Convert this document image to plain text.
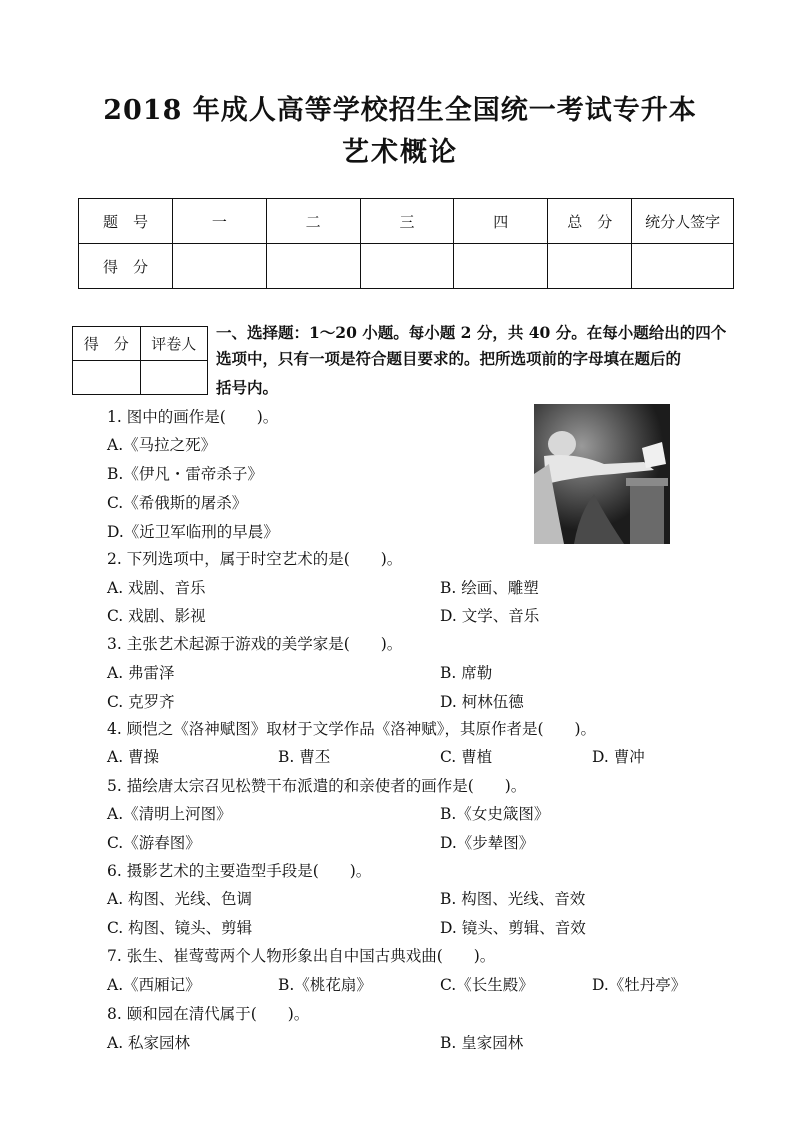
2018 年成人高等学校招生全国统一考试专升本
艺术概论
题　号	一	二	三	四	总　分	统分人签字
得　分						
得　分	评卷人

一、选择题：1～20 小题。每小题 2 分，共 40 分。在每小题给出的四个
选项中，只有一项是符合题目要求的。把所选项前的字母填在题后的
括号内。
1. 图中的画作是(　　)。
A.《马拉之死》
B.《伊凡・雷帝杀子》
C.《希俄斯的屠杀》
D.《近卫军临刑的早晨》
2. 下列选项中，属于时空艺术的是(　　)。
A. 戏剧、音乐	B. 绘画、雕塑
C. 戏剧、影视	D. 文学、音乐
3. 主张艺术起源于游戏的美学家是(　　)。
A. 弗雷泽	B. 席勒
C. 克罗齐	D. 柯林伍德
4. 顾恺之《洛神赋图》取材于文学作品《洛神赋》，其原作者是(　　)。
A. 曹操	B. 曹丕	C. 曹植	D. 曹冲
5. 描绘唐太宗召见松赞干布派遣的和亲使者的画作是(　　)。
A.《清明上河图》	B.《女史箴图》
C.《游春图》	D.《步辇图》
6. 摄影艺术的主要造型手段是(　　)。
A. 构图、光线、色调	B. 构图、光线、音效
C. 构图、镜头、剪辑	D. 镜头、剪辑、音效
7. 张生、崔莺莺两个人物形象出自中国古典戏曲(　　)。
A.《西厢记》	B.《桃花扇》	C.《长生殿》	D.《牡丹亭》
8. 颐和园在清代属于(　　)。
A. 私家园林	B. 皇家园林
